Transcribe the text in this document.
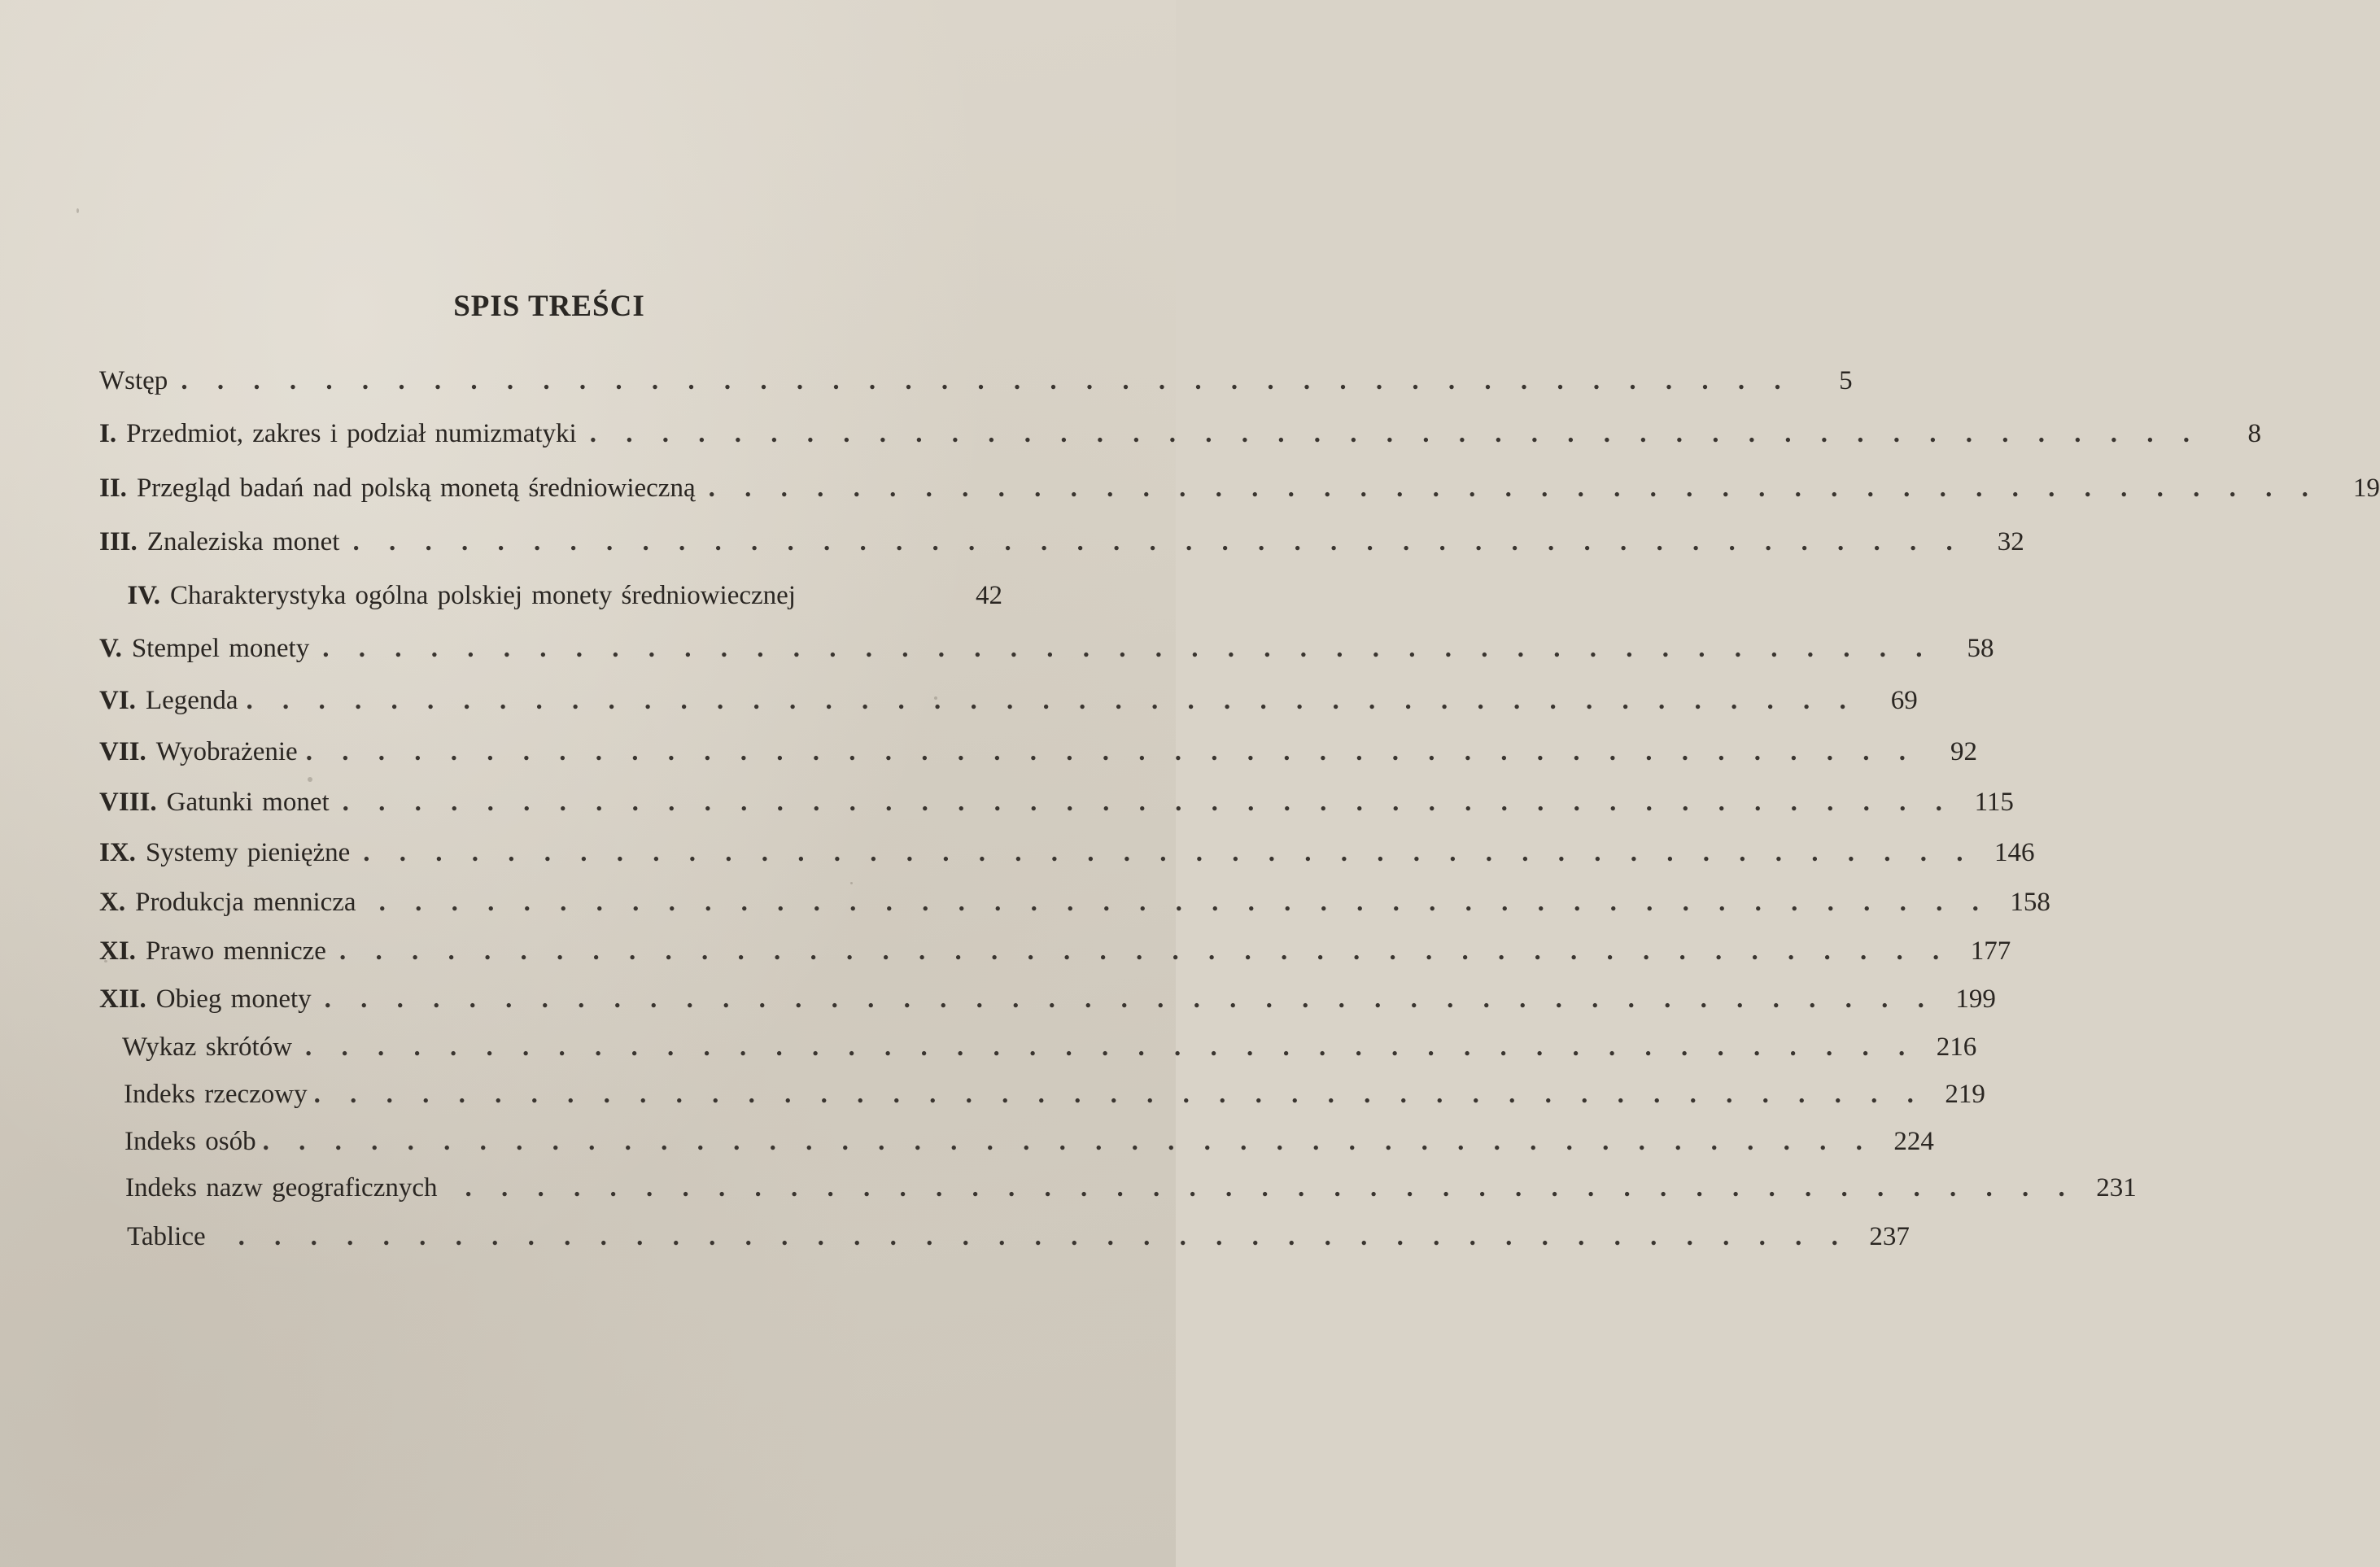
SPIS TREŚCI
Wstęp . . . . . . . . . . . . . . . . . . . . . . . . . . . . . . . . . . . . . . . . . . . . .	5
I. Przedmiot, zakres i podział numizmatyki . . . . . . . . . . . . . . . . . . . . . . . . . . . . . . . . . . . . . . . . . . . . .	8
II. Przegląd badań nad polską monetą średniowieczną . . . . . . . . . . . . . . . . . . . . . . . . . . . . . . . . . . . . . . . . . . . . .	19
III. Znaleziska monet . . . . . . . . . . . . . . . . . . . . . . . . . . . . . . . . . . . . . . . . . . . . .	32
IV. Charakterystyka ogólna polskiej monety średniowiecznej	42
V. Stempel monety . . . . . . . . . . . . . . . . . . . . . . . . . . . . . . . . . . . . . . . . . . . . .	58
VI. Legenda . . . . . . . . . . . . . . . . . . . . . . . . . . . . . . . . . . . . . . . . . . . . .	69
VII. Wyobrażenie . . . . . . . . . . . . . . . . . . . . . . . . . . . . . . . . . . . . . . . . . . . . .	92
VIII. Gatunki monet . . . . . . . . . . . . . . . . . . . . . . . . . . . . . . . . . . . . . . . . . . . . . 115
IX. Systemy pieniężne . . . . . . . . . . . . . . . . . . . . . . . . . . . . . . . . . . . . . . . . . . . . . 146
X. Produkcja mennicza . . . . . . . . . . . . . . . . . . . . . . . . . . . . . . . . . . . . . . . . . . . . . 158
XI. Prawo mennicze . . . . . . . . . . . . . . . . . . . . . . . . . . . . . . . . . . . . . . . . . . . . . 177
XII. Obieg monety . . . . . . . . . . . . . . . . . . . . . . . . . . . . . . . . . . . . . . . . . . . . . 199
Wykaz skrótów . . . . . . . . . . . . . . . . . . . . . . . . . . . . . . . . . . . . . . . . . . . . . 216
Indeks rzeczowy . . . . . . . . . . . . . . . . . . . . . . . . . . . . . . . . . . . . . . . . . . . . . 219
Indeks osób . . . . . . . . . . . . . . . . . . . . . . . . . . . . . . . . . . . . . . . . . . . . . 224
Indeks nazw geograficznych . . . . . . . . . . . . . . . . . . . . . . . . . . . . . . . . . . . . . . . . . . . . . 231
Tablice . . . . . . . . . . . . . . . . . . . . . . . . . . . . . . . . . . . . . . . . . . . . . 237
